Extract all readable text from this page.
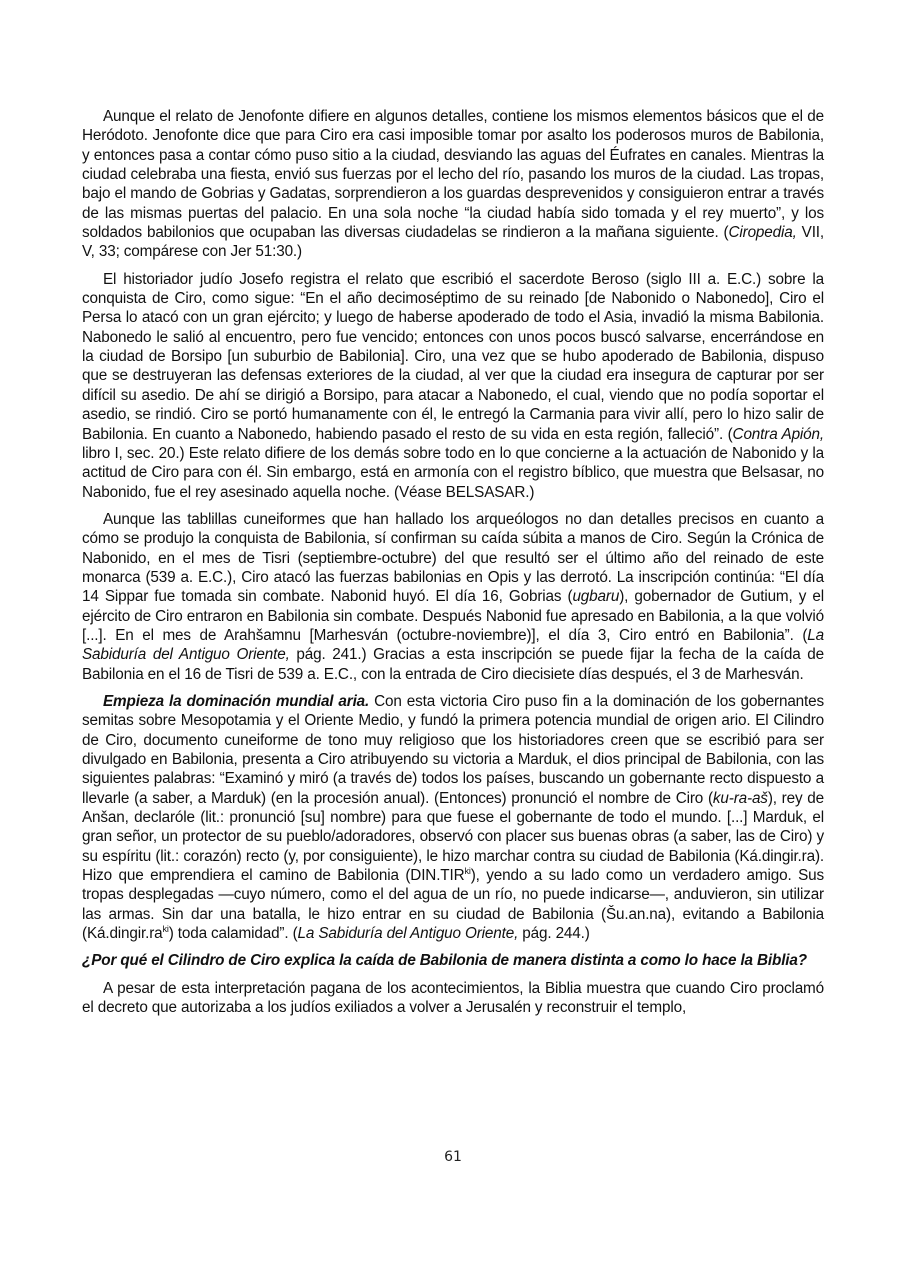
Aunque el relato de Jenofonte difiere en algunos detalles, contiene los mismos elementos básicos que el de Heródoto. Jenofonte dice que para Ciro era casi imposible tomar por asalto los poderosos muros de Babilonia, y entonces pasa a contar cómo puso sitio a la ciudad, desviando las aguas del Éufrates en canales. Mientras la ciudad celebraba una fiesta, envió sus fuerzas por el lecho del río, pasando los muros de la ciudad. Las tropas, bajo el mando de Gobrias y Gadatas, sorprendieron a los guardas desprevenidos y consiguieron entrar a través de las mismas puertas del palacio. En una sola noche “la ciudad había sido tomada y el rey muerto”, y los soldados babilonios que ocupaban las diversas ciudadelas se rindieron a la mañana siguiente. (Ciropedia, VII, V, 33; compárese con Jer 51:30.)

El historiador judío Josefo registra el relato que escribió el sacerdote Beroso (siglo III a. E.C.) sobre la conquista de Ciro, como sigue: “En el año decimoséptimo de su reinado [de Nabonido o Nabonedo], Ciro el Persa lo atacó con un gran ejército; y luego de haberse apoderado de todo el Asia, invadió la misma Babilonia. Nabonedo le salió al encuentro, pero fue vencido; entonces con unos pocos buscó salvarse, encerrándose en la ciudad de Borsipo [un suburbio de Babilonia]. Ciro, una vez que se hubo apoderado de Babilonia, dispuso que se destruyeran las defensas exteriores de la ciudad, al ver que la ciudad era insegura de capturar por ser difícil su asedio. De ahí se dirigió a Borsipo, para atacar a Nabonedo, el cual, viendo que no podía soportar el asedio, se rindió. Ciro se portó humanamente con él, le entregó la Carmania para vivir allí, pero lo hizo salir de Babilonia. En cuanto a Nabonedo, habiendo pasado el resto de su vida en esta región, falleció”. (Contra Apión, libro I, sec. 20.) Este relato difiere de los demás sobre todo en lo que concierne a la actuación de Nabonido y la actitud de Ciro para con él. Sin embargo, está en armonía con el registro bíblico, que muestra que Belsasar, no Nabonido, fue el rey asesinado aquella noche. (Véase BELSASAR.)

Aunque las tablillas cuneiformes que han hallado los arqueólogos no dan detalles precisos en cuanto a cómo se produjo la conquista de Babilonia, sí confirman su caída súbita a manos de Ciro. Según la Crónica de Nabonido, en el mes de Tisri (septiembre-octubre) del que resultó ser el último año del reinado de este monarca (539 a. E.C.), Ciro atacó las fuerzas babilonias en Opis y las derrotó. La inscripción continúa: “El día 14 Sippar fue tomada sin combate. Nabonid huyó. El día 16, Gobrias (ugbaru), gobernador de Gutium, y el ejército de Ciro entraron en Babilonia sin combate. Después Nabonid fue apresado en Babilonia, a la que volvió [...]. En el mes de Arahšamnu [Marhesván (octubre-noviembre)], el día 3, Ciro entró en Babilonia”. (La Sabiduría del Antiguo Oriente, pág. 241.) Gracias a esta inscripción se puede fijar la fecha de la caída de Babilonia en el 16 de Tisri de 539 a. E.C., con la entrada de Ciro diecisiete días después, el 3 de Marhesván.

Empieza la dominación mundial aria. Con esta victoria Ciro puso fin a la dominación de los gobernantes semitas sobre Mesopotamia y el Oriente Medio, y fundó la primera potencia mundial de origen ario. El Cilindro de Ciro, documento cuneiforme de tono muy religioso que los historiadores creen que se escribió para ser divulgado en Babilonia, presenta a Ciro atribuyendo su victoria a Marduk, el dios principal de Babilonia, con las siguientes palabras: “Examinó y miró (a través de) todos los países, buscando un gobernante recto dispuesto a llevarle (a saber, a Marduk) (en la procesión anual). (Entonces) pronunció el nombre de Ciro (ku-ra-aš), rey de Anšan, declaróle (lit.: pronunció [su] nombre) para que fuese el gobernante de todo el mundo. [...] Marduk, el gran señor, un protector de su pueblo/adoradores, observó con placer sus buenas obras (a saber, las de Ciro) y su espíritu (lit.: corazón) recto (y, por consiguiente), le hizo marchar contra su ciudad de Babilonia (Ká.dingir.ra). Hizo que emprendiera el camino de Babilonia $(DIN.TIR^{ki})$, yendo a su lado como un verdadero amigo. Sus tropas desplegadas —cuyo número, como el del agua de un río, no puede indicarse—, anduvieron, sin utilizar las armas. Sin dar una batalla, le hizo entrar en su ciudad de Babilonia (Šu.an.na), evitando a Babilonia $(Ká.dingir.ra^{ki})$ toda calamidad”. (La Sabiduría del Antiguo Oriente, pág. 244.)

¿Por qué el Cilindro de Ciro explica la caída de Babilonia de manera distinta a como lo hace la Biblia?

A pesar de esta interpretación pagana de los acontecimientos, la Biblia muestra que cuando Ciro proclamó el decreto que autorizaba a los judíos exiliados a volver a Jerusalén y reconstruir el templo,

61
